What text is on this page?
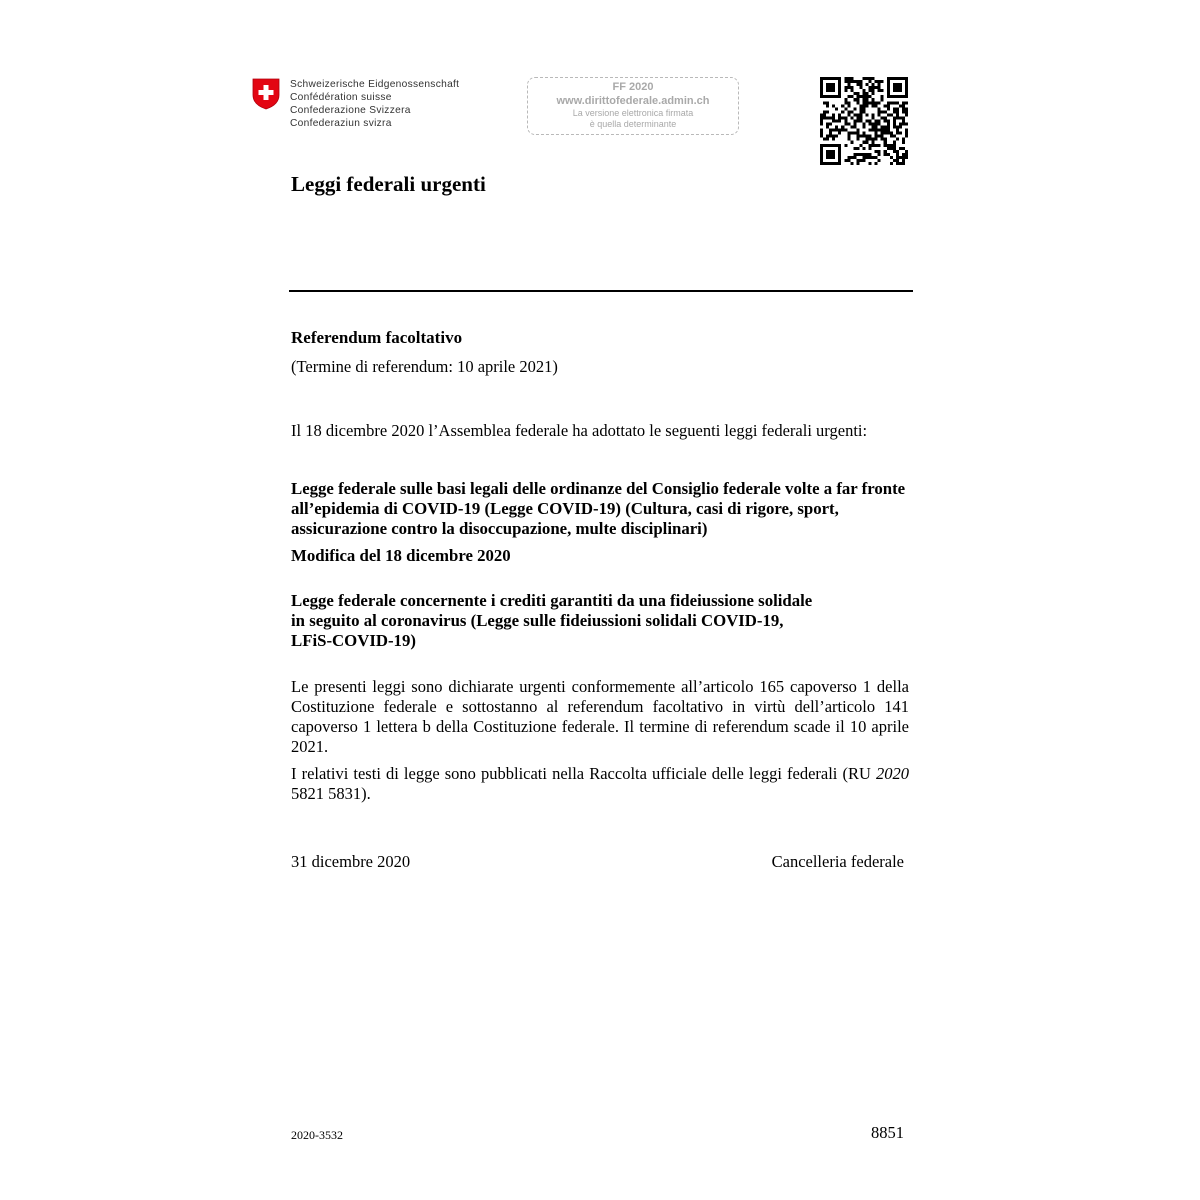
Schweizerische Eidgenossenschaft
Confédération suisse
Confederazione Svizzera
Confederaziun svizra
FF 2020
www.dirittofederale.admin.ch
La versione elettronica firmata
è quella determinante
Leggi federali urgenti
Referendum facoltativo
(Termine di referendum: 10 aprile 2021)
Il 18 dicembre 2020 l’Assemblea federale ha adottato le seguenti leggi federali urgenti:
Legge federale sulle basi legali delle ordinanze del Consiglio federale volte a far fronte all’epidemia di COVID-19 (Legge COVID-19) (Cultura, casi di rigore, sport, assicurazione contro la disoccupazione, multe disciplinari)
Modifica del 18 dicembre 2020
Legge federale concernente i crediti garantiti da una fideiussione solidale
in seguito al coronavirus (Legge sulle fideiussioni solidali COVID-19,
LFiS-COVID-19)
Le presenti leggi sono dichiarate urgenti conformemente all’articolo 165 capoverso 1 della Costituzione federale e sottostanno al referendum facoltativo in virtù dell’articolo 141 capoverso 1 lettera b della Costituzione federale. Il termine di referendum scade il 10 aprile 2021.
I relativi testi di legge sono pubblicati nella Raccolta ufficiale delle leggi federali (RU 2020 5821 5831).
31 dicembre 2020	Cancelleria federale
2020-3532	8851
